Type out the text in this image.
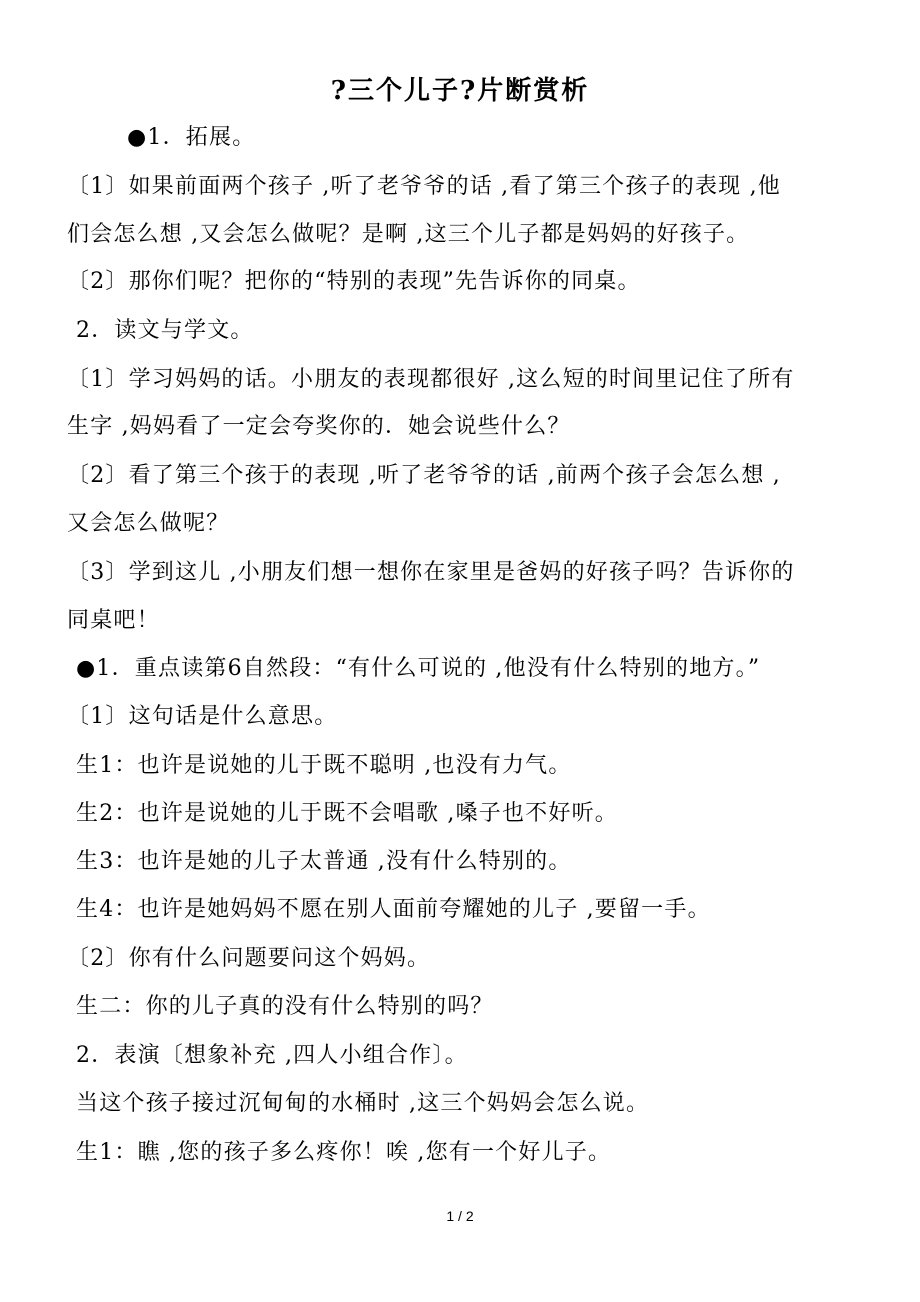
?三个儿子?片断赏析
●1．拓展。
〔1〕如果前面两个孩子 ,听了老爷爷的话 ,看了第三个孩子的表现 ,他
们会怎么想 ,又会怎么做呢？是啊 ,这三个儿子都是妈妈的好孩子。
〔2〕那你们呢？把你的“特别的表现”先告诉你的同桌。
2．读文与学文。
〔1〕学习妈妈的话。小朋友的表现都很好 ,这么短的时间里记住了所有
生字 ,妈妈看了一定会夸奖你的．她会说些什么？
〔2〕看了第三个孩于的表现 ,听了老爷爷的话 ,前两个孩子会怎么想 ,
又会怎么做呢？
〔3〕学到这儿 ,小朋友们想一想你在家里是爸妈的好孩子吗？告诉你的
同桌吧！
●1．重点读第6自然段：“有什么可说的 ,他没有什么特别的地方。”
〔1〕这句话是什么意思。
生1：也许是说她的儿于既不聪明 ,也没有力气。
生2：也许是说她的儿于既不会唱歌 ,嗓子也不好听。
生3：也许是她的儿子太普通 ,没有什么特别的。
生4：也许是她妈妈不愿在别人面前夸耀她的儿子 ,要留一手。
〔2〕你有什么问题要问这个妈妈。
生二：你的儿子真的没有什么特别的吗？
2．表演〔想象补充 ,四人小组合作〕。
当这个孩子接过沉甸甸的水桶时 ,这三个妈妈会怎么说。
生1：瞧 ,您的孩子多么疼你！唉 ,您有一个好儿子。
1 / 2
